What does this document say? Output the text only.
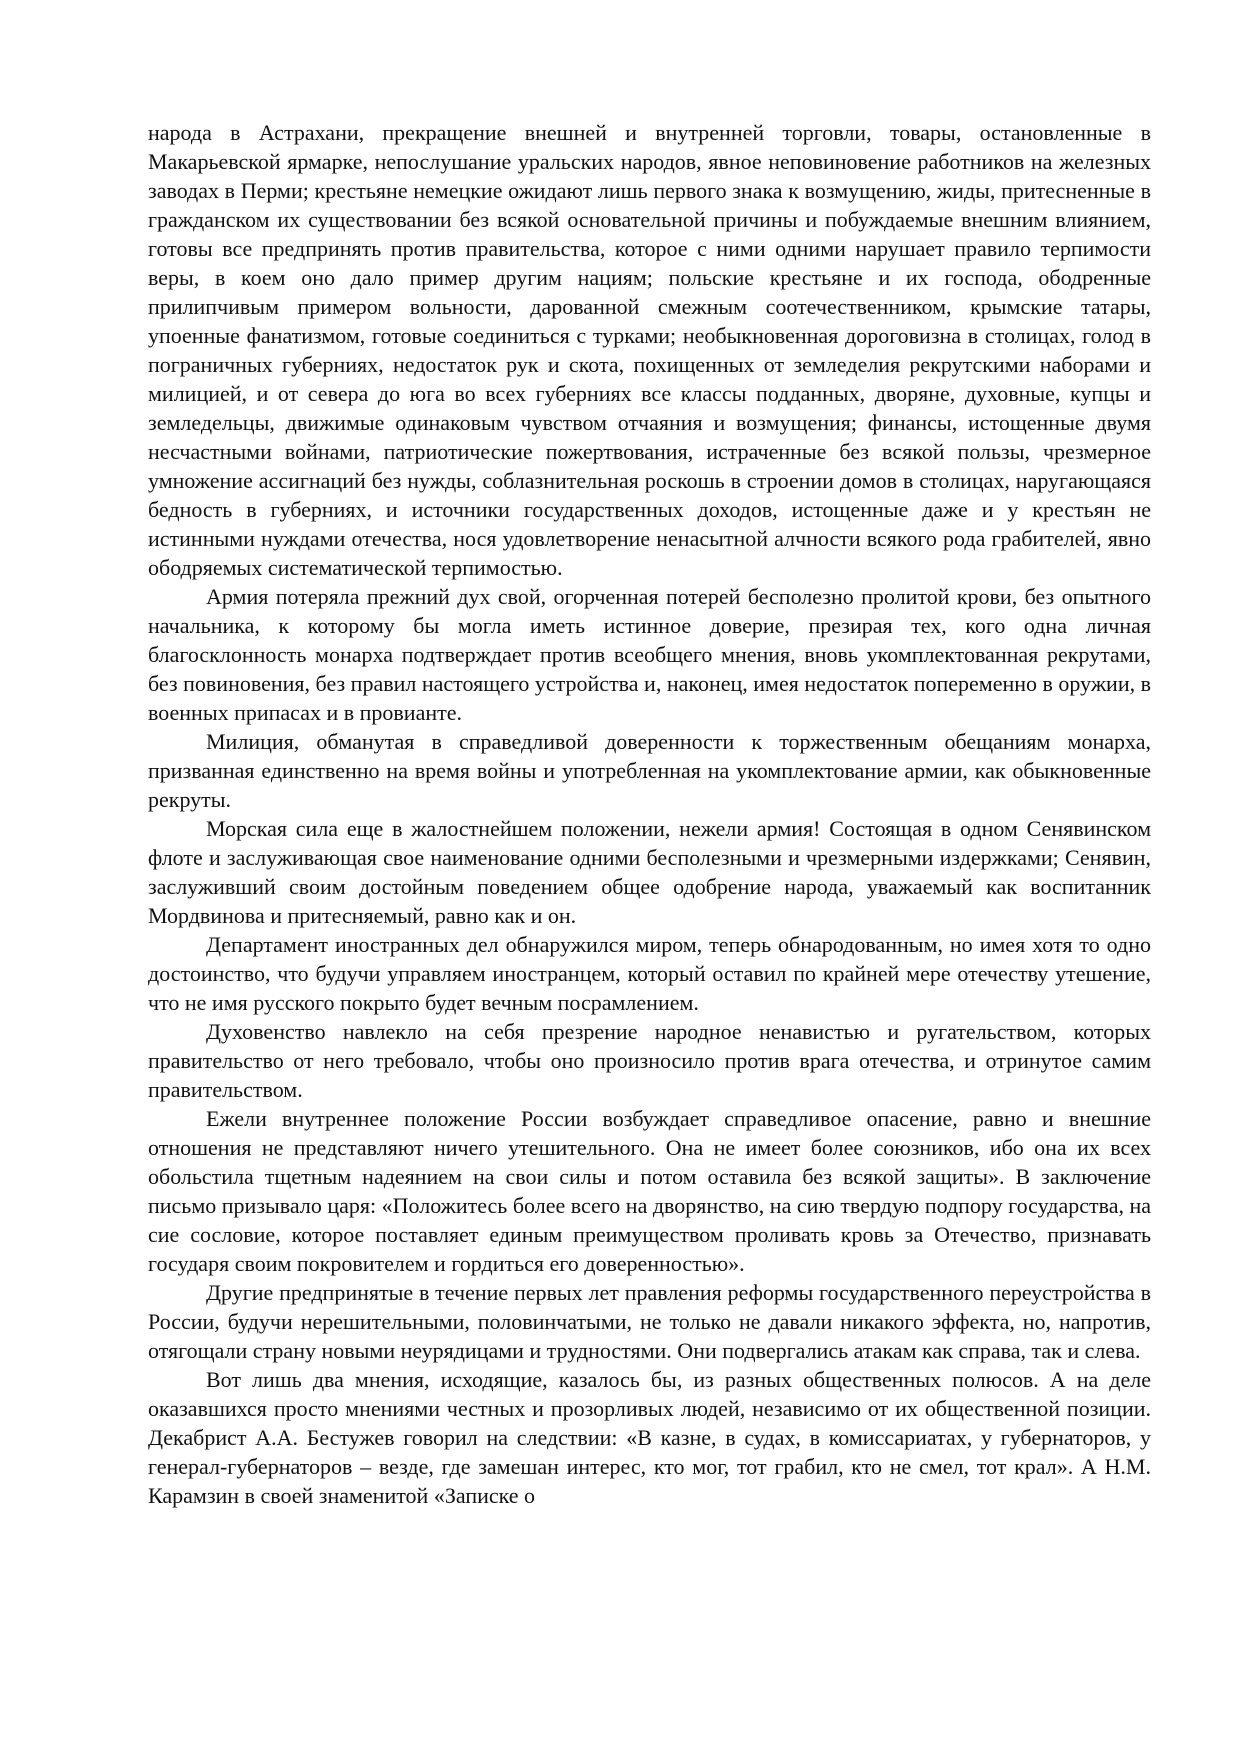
народа в Астрахани, прекращение внешней и внутренней торговли, товары, остановленные в Макарьевской ярмарке, непослушание уральских народов, явное неповиновение работников на железных заводах в Перми; крестьяне немецкие ожидают лишь первого знака к возмущению, жиды, притесненные в гражданском их существовании без всякой основательной причины и побуждаемые внешним влиянием, готовы все предпринять против правительства, которое с ними одними нарушает правило терпимости веры, в коем оно дало пример другим нациям; польские крестьяне и их господа, ободренные прилипчивым примером вольности, дарованной смежным соотечественником, крымские татары, упоенные фанатизмом, готовые соединиться с турками; необыкновенная дороговизна в столицах, голод в пограничных губерниях, недостаток рук и скота, похищенных от земледелия рекрутскими наборами и милицией, и от севера до юга во всех губерниях все классы подданных, дворяне, духовные, купцы и земледельцы, движимые одинаковым чувством отчаяния и возмущения; финансы, истощенные двумя несчастными войнами, патриотические пожертвования, истраченные без всякой пользы, чрезмерное умножение ассигнаций без нужды, соблазнительная роскошь в строении домов в столицах, наругающаяся бедность в губерниях, и источники государственных доходов, истощенные даже и у крестьян не истинными нуждами отечества, нося удовлетворение ненасытной алчности всякого рода грабителей, явно ободряемых систематической терпимостью.

Армия потеряла прежний дух свой, огорченная потерей бесполезно пролитой крови, без опытного начальника, к которому бы могла иметь истинное доверие, презирая тех, кого одна личная благосклонность монарха подтверждает против всеобщего мнения, вновь укомплектованная рекрутами, без повиновения, без правил настоящего устройства и, наконец, имея недостаток попеременно в оружии, в военных припасах и в провианте.

Милиция, обманутая в справедливой доверенности к торжественным обещаниям монарха, призванная единственно на время войны и употребленная на укомплектование армии, как обыкновенные рекруты.

Морская сила еще в жалостнейшем положении, нежели армия! Состоящая в одном Сенявинском флоте и заслуживающая свое наименование одними бесполезными и чрезмерными издержками; Сенявин, заслуживший своим достойным поведением общее одобрение народа, уважаемый как воспитанник Мордвинова и притесняемый, равно как и он.

Департамент иностранных дел обнаружился миром, теперь обнародованным, но имея хотя то одно достоинство, что будучи управляем иностранцем, который оставил по крайней мере отечеству утешение, что не имя русского покрыто будет вечным посрамлением.

Духовенство навлекло на себя презрение народное ненавистью и ругательством, которых правительство от него требовало, чтобы оно произносило против врага отечества, и отринутое самим правительством.

Ежели внутреннее положение России возбуждает справедливое опасение, равно и внешние отношения не представляют ничего утешительного. Она не имеет более союзников, ибо она их всех обольстила тщетным надеянием на свои силы и потом оставила без всякой защиты». В заключение письмо призывало царя: «Положитесь более всего на дворянство, на сию твердую подпору государства, на сие сословие, которое поставляет единым преимуществом проливать кровь за Отечество, признавать государя своим покровителем и гордиться его доверенностью».

Другие предпринятые в течение первых лет правления реформы государственного переустройства в России, будучи нерешительными, половинчатыми, не только не давали никакого эффекта, но, напротив, отягощали страну новыми неурядицами и трудностями. Они подвергались атакам как справа, так и слева.

Вот лишь два мнения, исходящие, казалось бы, из разных общественных полюсов. А на деле оказавшихся просто мнениями честных и прозорливых людей, независимо от их общественной позиции. Декабрист А.А. Бестужев говорил на следствии: «В казне, в судах, в комиссариатах, у губернаторов, у генерал-губернаторов – везде, где замешан интерес, кто мог, тот грабил, кто не смел, тот крал». А Н.М. Карамзин в своей знаменитой «Записке о
